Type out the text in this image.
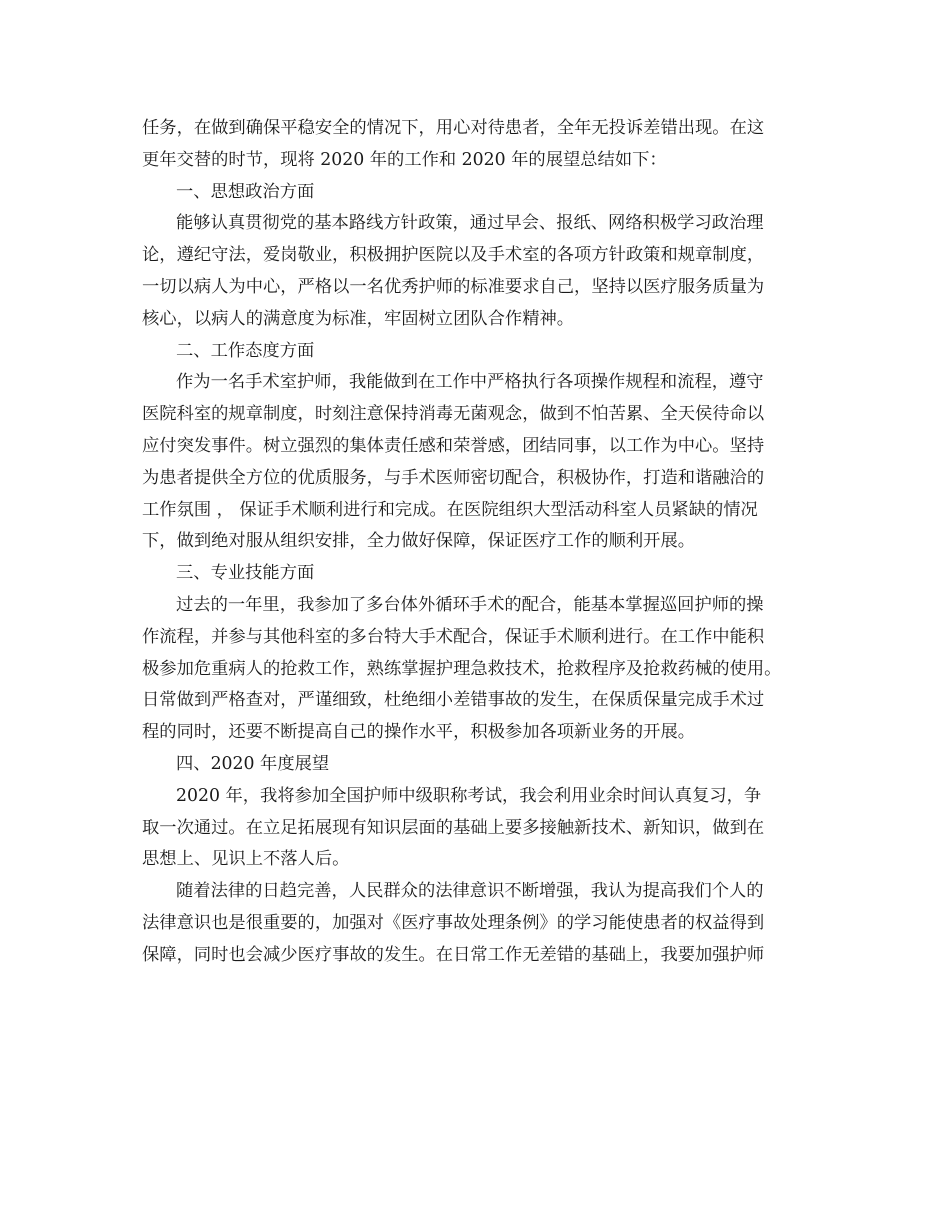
任务，在做到确保平稳安全的情况下，用心对待患者，全年无投诉差错出现。在这
更年交替的时节，现将 2020 年的工作和 2020 年的展望总结如下：
一、思想政治方面
能够认真贯彻党的基本路线方针政策，通过早会、报纸、网络积极学习政治理
论，遵纪守法，爱岗敬业，积极拥护医院以及手术室的各项方针政策和规章制度，
一切以病人为中心，严格以一名优秀护师的标准要求自己，坚持以医疗服务质量为
核心，以病人的满意度为标准，牢固树立团队合作精神。
二、工作态度方面
作为一名手术室护师，我能做到在工作中严格执行各项操作规程和流程，遵守
医院科室的规章制度，时刻注意保持消毒无菌观念，做到不怕苦累、全天侯待命以
应付突发事件。树立强烈的集体责任感和荣誉感，团结同事，以工作为中心。坚持
为患者提供全方位的优质服务，与手术医师密切配合，积极协作，打造和谐融洽的
工作氛围 ， 保证手术顺利进行和完成。在医院组织大型活动科室人员紧缺的情况
下，做到绝对服从组织安排，全力做好保障，保证医疗工作的顺利开展。
三、专业技能方面
过去的一年里，我参加了多台体外循环手术的配合，能基本掌握巡回护师的操
作流程，并参与其他科室的多台特大手术配合，保证手术顺利进行。在工作中能积
极参加危重病人的抢救工作，熟练掌握护理急救技术，抢救程序及抢救药械的使用。
日常做到严格查对，严谨细致，杜绝细小差错事故的发生，在保质保量完成手术过
程的同时，还要不断提高自己的操作水平，积极参加各项新业务的开展。
四、2020 年度展望
2020 年，我将参加全国护师中级职称考试，我会利用业余时间认真复习，争
取一次通过。在立足拓展现有知识层面的基础上要多接触新技术、新知识，做到在
思想上、见识上不落人后。
随着法律的日趋完善，人民群众的法律意识不断增强，我认为提高我们个人的
法律意识也是很重要的，加强对《医疗事故处理条例》的学习能使患者的权益得到
保障，同时也会减少医疗事故的发生。在日常工作无差错的基础上，我要加强护师
